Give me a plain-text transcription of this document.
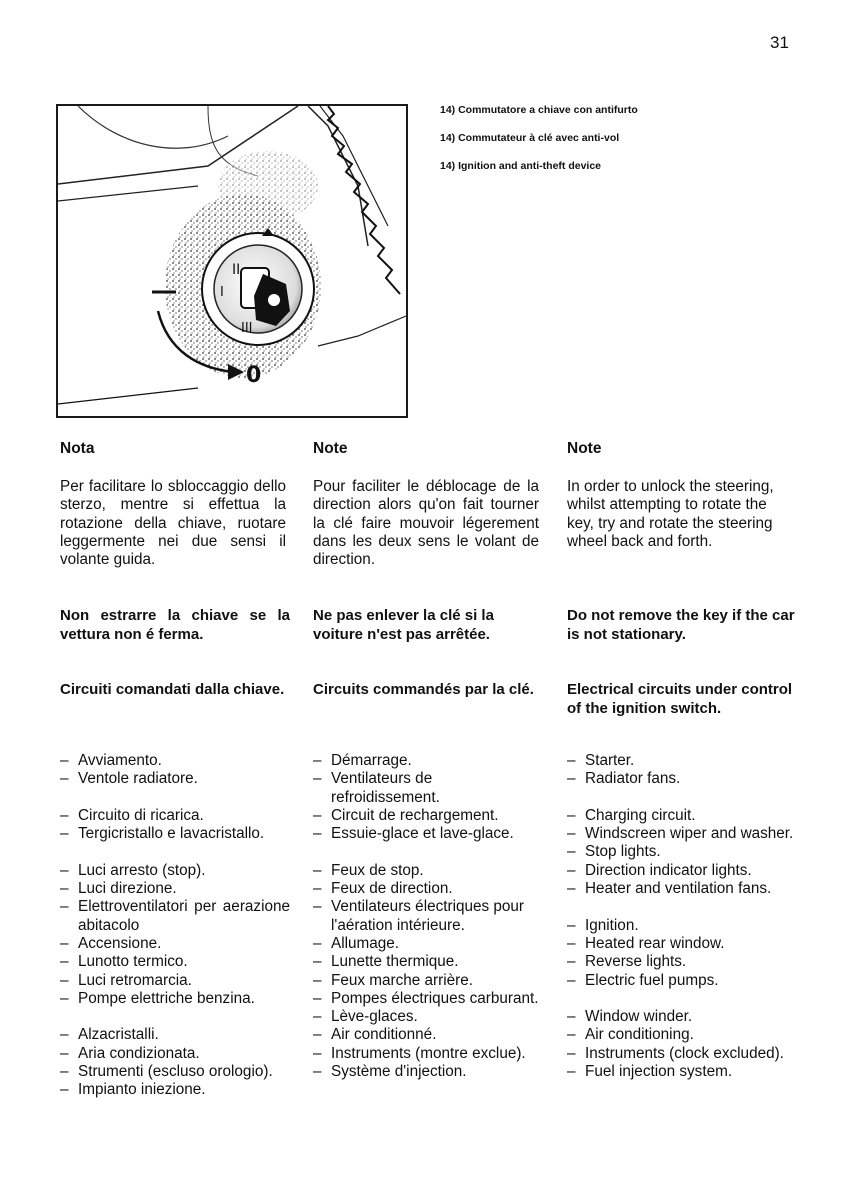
31
II
III
I
0

14) Commutatore a chiave con antifurto

14) Commutateur à clé avec anti-vol

14) Ignition and anti-theft device

Nota

Per facilitare lo sbloccaggio dello sterzo, mentre si effettua la rotazione della chiave, ruotare leggermente nei due sensi il volante guida.

Non estrarre la chiave se la vettura non é ferma.

Circuiti comandati dalla chiave.

– Avviamento.
– Ventole radiatore.
– Circuito di ricarica.
– Tergicristallo e lavacristallo.
– Luci arresto (stop).
– Luci direzione.
– Elettroventilatori per aerazione abitacolo
– Accensione.
– Lunotto termico.
– Luci retromarcia.
– Pompe elettriche benzina.
– Alzacristalli.
– Aria condizionata.
– Strumenti (escluso orologio).
– Impianto iniezione.

Note

Pour faciliter le déblocage de la direction alors qu'on fait tourner la clé faire mouvoir légerement dans les deux sens le volant de direction.

Ne pas enlever la clé si la voiture n'est pas arrêtée.

Circuits commandés par la clé.

– Démarrage.
– Ventilateurs de refroidissement.
– Circuit de rechargement.
– Essuie-glace et lave-glace.
– Feux de stop.
– Feux de direction.
– Ventilateurs électriques pour l'aération intérieure.
– Allumage.
– Lunette thermique.
– Feux marche arrière.
– Pompes électriques carburant.
– Lève-glaces.
– Air conditionné.
– Instruments (montre exclue).
– Système d'injection.

Note

In order to unlock the steering, whilst attempting to rotate the key, try and rotate the steering wheel back and forth.

Do not remove the key if the car is not stationary.

Electrical circuits under control of the ignition switch.

– Starter.
– Radiator fans.
– Charging circuit.
– Windscreen wiper and washer.
– Stop lights.
– Direction indicator lights.
– Heater and ventilation fans.
– Ignition.
– Heated rear window.
– Reverse lights.
– Electric fuel pumps.
– Window winder.
– Air conditioning.
– Instruments (clock excluded).
– Fuel injection system.
